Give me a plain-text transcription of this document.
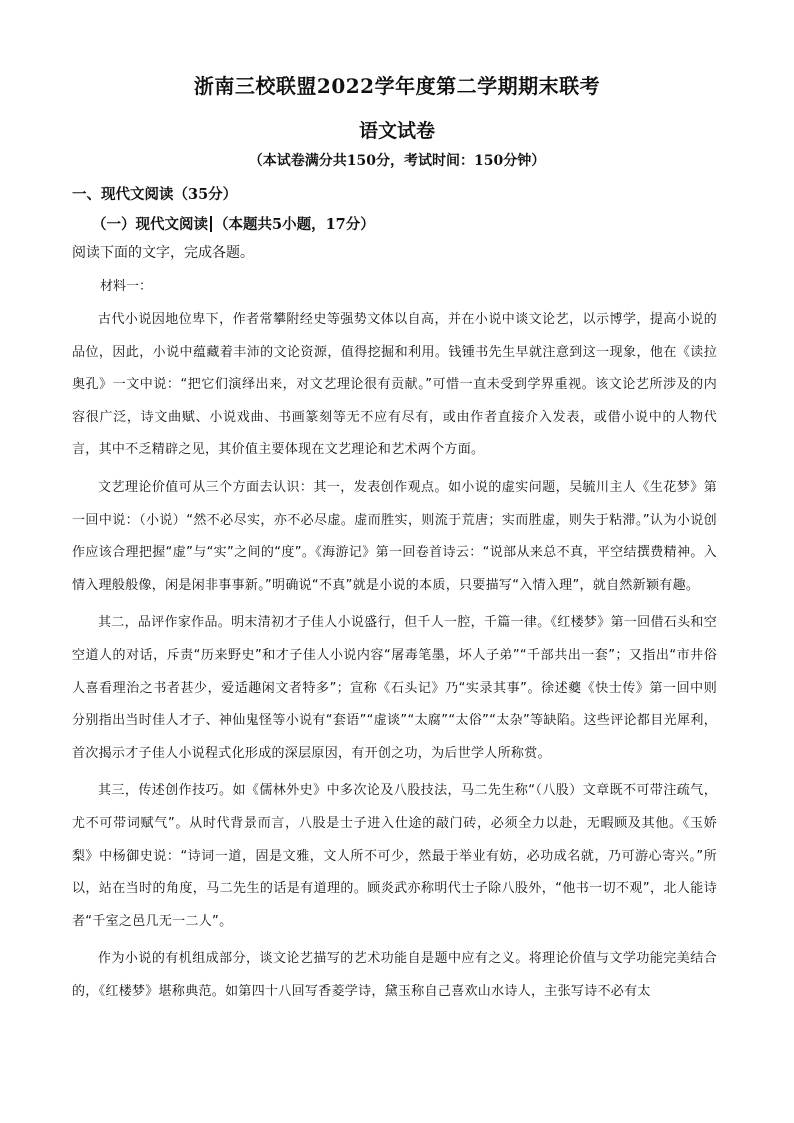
浙南三校联盟2022学年度第二学期期末联考
语文试卷
（本试卷满分共150分，考试时间：150分钟）
一、现代文阅读（35分）
（一）现代文阅读 （本题共5小题，17分）
阅读下面的文字，完成各题。
材料一：

古代小说因地位卑下，作者常攀附经史等强势文体以自高，并在小说中谈文论艺，以示博学，提高小说的品位，因此，小说中蕴藏着丰沛的文论资源，值得挖掘和利用。钱锺书先生早就注意到这一现象，他在《读拉奥孔》一文中说：“把它们演绎出来，对文艺理论很有贡献。”可惜一直未受到学界重视。该文论艺所涉及的内容很广泛，诗文曲赋、小说戏曲、书画篆刻等无不应有尽有，或由作者直接介入发表，或借小说中的人物代言，其中不乏精辟之见，其价值主要体现在文艺理论和艺术两个方面。

文艺理论价值可从三个方面去认识：其一，发表创作观点。如小说的虚实问题，吴毓川主人《生花梦》第一回中说：（小说）“然不必尽实，亦不必尽虚。虚而胜实，则流于荒唐；实而胜虚，则失于粘滞。”认为小说创作应该合理把握“虚”与“实”之间的“度”。《海游记》第一回卷首诗云：“说部从来总不真，平空结撰费精神。入情入理般般像，闲是闲非事事新。”明确说“不真”就是小说的本质，只要描写“入情入理”，就自然新颖有趣。

其二，品评作家作品。明末清初才子佳人小说盛行，但千人一腔，千篇一律。《红楼梦》第一回借石头和空空道人的对话，斥责“历来野史”和才子佳人小说内容“屠毒笔墨，坏人子弟”“千部共出一套”；又指出“市井俗人喜看理治之书者甚少，爱适趣闲文者特多”；宣称《石头记》乃“实录其事”。徐述夔《快士传》第一回中则分别指出当时佳人才子、神仙鬼怪等小说有“套语”“虚谈”“太腐”“太俗”“太杂”等缺陷。这些评论都目光犀利，首次揭示才子佳人小说程式化形成的深层原因，有开创之功，为后世学人所称赏。

其三，传述创作技巧。如《儒林外史》中多次论及八股技法，马二先生称“（八股）文章既不可带注疏气，尤不可带词赋气”。从时代背景而言，八股是士子进入仕途的敲门砖，必须全力以赴，无暇顾及其他。《玉娇梨》中杨御史说：“诗词一道，固是文雅，文人所不可少，然最于举业有妨，必功成名就，乃可游心寄兴。”所以，站在当时的角度，马二先生的话是有道理的。顾炎武亦称明代士子除八股外，“他书一切不观”，北人能诗者“千室之邑几无一二人”。

作为小说的有机组成部分，谈文论艺描写的艺术功能自是题中应有之义。将理论价值与文学功能完美结合的，《红楼梦》堪称典范。如第四十八回写香菱学诗，黛玉称自己喜欢山水诗人，主张写诗不必有太
